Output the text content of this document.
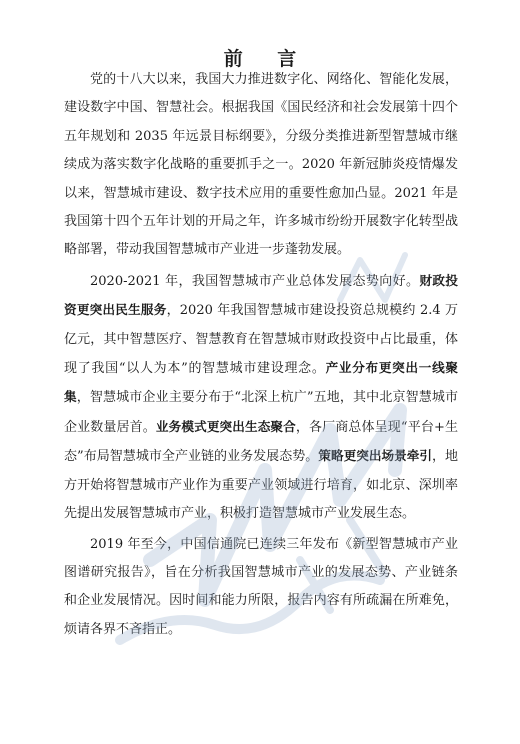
前 言

党的十八大以来，我国大力推进数字化、网络化、智能化发展，建设数字中国、智慧社会。根据我国《国民经济和社会发展第十四个五年规划和 2035 年远景目标纲要》，分级分类推进新型智慧城市继续成为落实数字化战略的重要抓手之一。2020 年新冠肺炎疫情爆发以来，智慧城市建设、数字技术应用的重要性愈加凸显。2021 年是我国第十四个五年计划的开局之年，许多城市纷纷开展数字化转型战略部署，带动我国智慧城市产业进一步蓬勃发展。

2020-2021 年，我国智慧城市产业总体发展态势向好。财政投资更突出民生服务，2020 年我国智慧城市建设投资总规模约 2.4 万亿元，其中智慧医疗、智慧教育在智慧城市财政投资中占比最重，体现了我国“以人为本”的智慧城市建设理念。产业分布更突出一线聚集，智慧城市企业主要分布于“北深上杭广”五地，其中北京智慧城市企业数量居首。业务模式更突出生态聚合，各厂商总体呈现“平台+生态”布局智慧城市全产业链的业务发展态势。策略更突出场景牵引，地方开始将智慧城市产业作为重要产业领域进行培育，如北京、深圳率先提出发展智慧城市产业，积极打造智慧城市产业发展生态。

2019 年至今，中国信通院已连续三年发布《新型智慧城市产业图谱研究报告》，旨在分析我国智慧城市产业的发展态势、产业链条和企业发展情况。因时间和能力所限，报告内容有所疏漏在所难免，烦请各界不吝指正。
